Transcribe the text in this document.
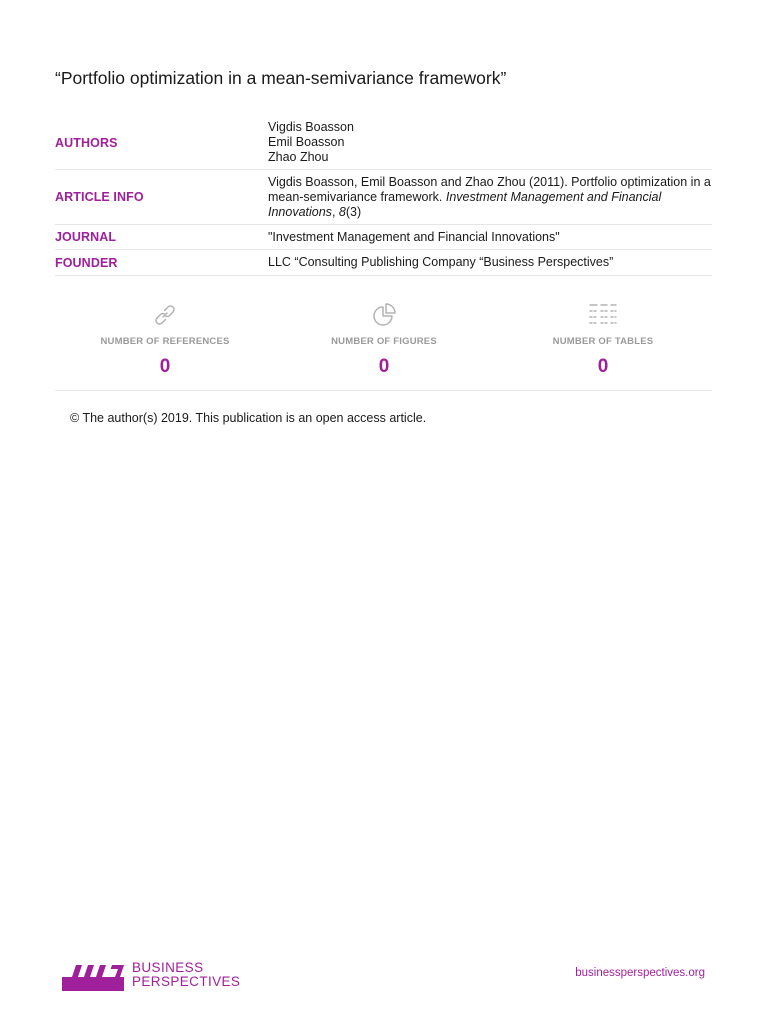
“Portfolio optimization in a mean-semivariance framework”
AUTHORS
Vigdis Boasson
Emil Boasson
Zhao Zhou
ARTICLE INFO
Vigdis Boasson, Emil Boasson and Zhao Zhou (2011). Portfolio optimization in a mean-semivariance framework. Investment Management and Financial Innovations, 8(3)
JOURNAL	"Investment Management and Financial Innovations"
FOUNDER	LLC “Consulting Publishing Company “Business Perspectives”
NUMBER OF REFERENCES
0
NUMBER OF FIGURES
0
NUMBER OF TABLES
0
© The author(s) 2019. This publication is an open access article.
BUSINESS
PERSPECTIVES
businessperspectives.org
